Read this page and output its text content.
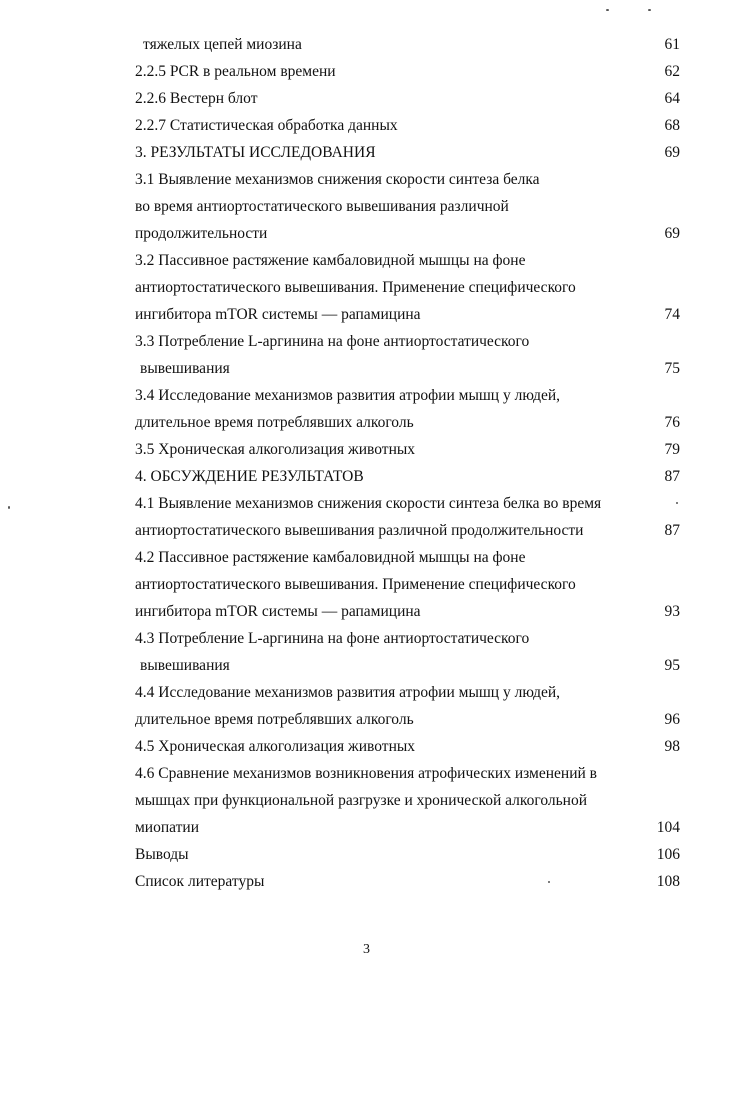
тяжелых цепей миозина	61
2.2.5 PCR в реальном времени	62
2.2.6 Вестерн блот	64
2.2.7 Статистическая обработка данных	68
3. РЕЗУЛЬТАТЫ ИССЛЕДОВАНИЯ	69
3.1 Выявление механизмов снижения скорости синтеза белка
во время антиортостатического вывешивания различной
продолжительности	69
3.2 Пассивное растяжение камбаловидной мышцы на фоне
антиортостатического вывешивания. Применение специфического
ингибитора mTOR системы — рапамицина	74
3.3 Потребление L-аргинина на фоне антиортостатического
вывешивания	75
3.4 Исследование механизмов развития атрофии мышц у людей,
длительное время потреблявших алкоголь	76
3.5 Хроническая алкоголизация животных	79
4. ОБСУЖДЕНИЕ РЕЗУЛЬТАТОВ	87
4.1 Выявление механизмов снижения скорости синтеза белка во время
антиортостатического вывешивания различной продолжительности	87
4.2 Пассивное растяжение камбаловидной мышцы на фоне
антиортостатического вывешивания. Применение специфического
ингибитора mTOR системы — рапамицина	93
4.3 Потребление L-аргинина на фоне антиортостатического
вывешивания	95
4.4 Исследование механизмов развития атрофии мышц у людей,
длительное время потреблявших алкоголь	96
4.5 Хроническая алкоголизация животных	98
4.6 Сравнение механизмов возникновения атрофических изменений в
мышцах при функциональной разгрузке и хронической алкогольной
миопатии	104
Выводы	106
Список литературы	108
3
